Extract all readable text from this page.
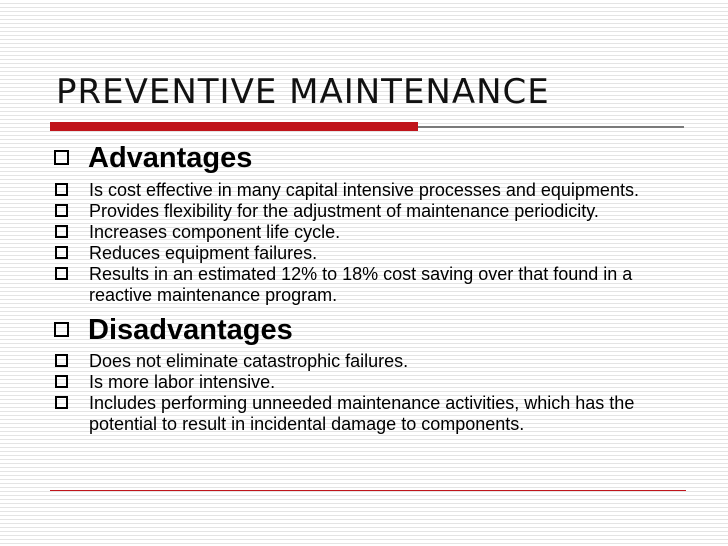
PREVENTIVE MAINTENANCE
Advantages
Is cost effective in many capital intensive processes and equipments.
Provides flexibility for the adjustment of maintenance periodicity.
Increases component life cycle.
Reduces equipment failures.
Results in an estimated 12% to 18% cost saving over that found in a reactive maintenance program.
Disadvantages
Does not eliminate catastrophic failures.
Is more labor intensive.
Includes performing unneeded maintenance activities, which has the potential to result in incidental damage to components.
